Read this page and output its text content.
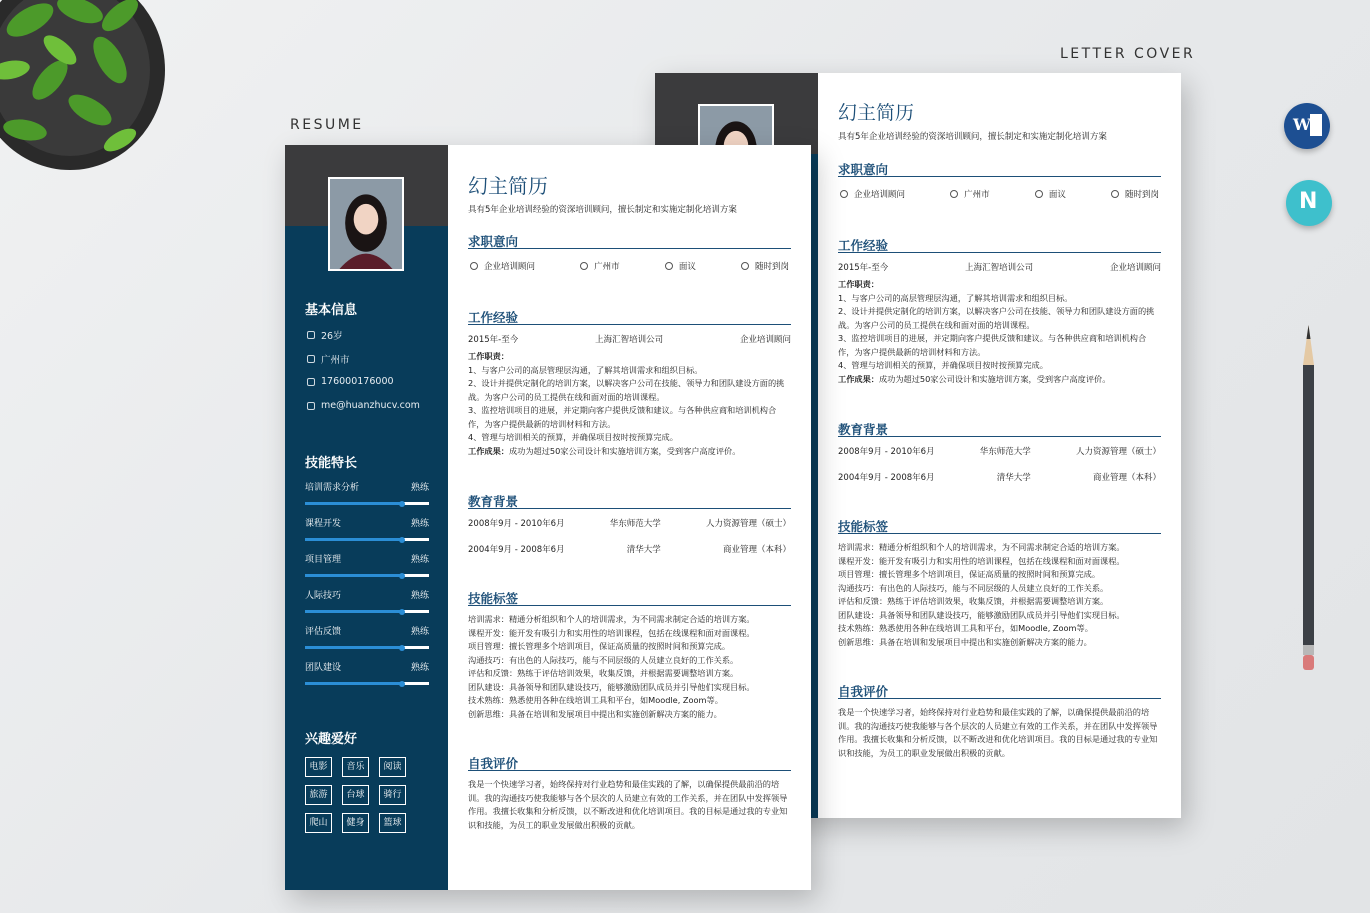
RESUME
LETTER COVER
幻主简历
具有5年企业培训经验的资深培训顾问，擅长制定和实施定制化培训方案
求职意向
企业培训顾问	广州市	面议	随时到岗
工作经验
2015年-至今	上海汇智培训公司	企业培训顾问

工作职责：

1、与客户公司的高层管理层沟通，了解其培训需求和组织目标。

2、设计并提供定制化的培训方案，以解决客户公司在技能、领导力和团队建设方面的挑战。为客户公司的员工提供在线和面对面的培训课程。

3、监控培训项目的进展，并定期向客户提供反馈和建议。与各种供应商和培训机构合作，为客户提供最新的培训材料和方法。

4、管理与培训相关的预算，并确保项目按时按预算完成。

工作成果：成功为超过50家公司设计和实施培训方案，受到客户高度评价。

教育背景
2008年9月 - 2010年6月	华东师范大学	人力资源管理（硕士）
2004年9月 - 2008年6月	清华大学	商业管理（本科）
技能标签

培训需求：精通分析组织和个人的培训需求，为不同需求制定合适的培训方案。

课程开发：能开发有吸引力和实用性的培训课程，包括在线课程和面对面课程。

项目管理：擅长管理多个培训项目，保证高质量的按照时间和预算完成。

沟通技巧：有出色的人际技巧，能与不同层级的人员建立良好的工作关系。

评估和反馈：熟练于评估培训效果，收集反馈，并根据需要调整培训方案。

团队建设：具备领导和团队建设技巧，能够激励团队成员并引导他们实现目标。

技术熟练：熟悉使用各种在线培训工具和平台，如Moodle, Zoom等。

创新思维：具备在培训和发展项目中提出和实施创新解决方案的能力。

自我评价
我是一个快速学习者，始终保持对行业趋势和最佳实践的了解，以确保提供最前沿的培训。我的沟通技巧使我能够与各个层次的人员建立有效的工作关系，并在团队中发挥领导作用。我擅长收集和分析反馈，以不断改进和优化培训项目。我的目标是通过我的专业知识和技能，为员工的职业发展做出积极的贡献。
基本信息
26岁
广州市
176000176000
me@huanzhucv.com
技能特长
培训需求分析	熟练
课程开发	熟练
项目管理	熟练
人际技巧	熟练
评估反馈	熟练
团队建设	熟练
兴趣爱好
电影	音乐	阅读
旅游	台球	骑行
爬山	健身	篮球
幻主简历
具有5年企业培训经验的资深培训顾问，擅长制定和实施定制化培训方案
求职意向
企业培训顾问	广州市	面议	随时到岗
工作经验
2015年-至今	上海汇智培训公司	企业培训顾问

工作职责：

1、与客户公司的高层管理层沟通，了解其培训需求和组织目标。

2、设计并提供定制化的培训方案，以解决客户公司在技能、领导力和团队建设方面的挑战。为客户公司的员工提供在线和面对面的培训课程。

3、监控培训项目的进展，并定期向客户提供反馈和建议。与各种供应商和培训机构合作，为客户提供最新的培训材料和方法。

4、管理与培训相关的预算，并确保项目按时按预算完成。

工作成果：成功为超过50家公司设计和实施培训方案，受到客户高度评价。

教育背景
2008年9月 - 2010年6月	华东师范大学	人力资源管理（硕士）
2004年9月 - 2008年6月	清华大学	商业管理（本科）
技能标签

培训需求：精通分析组织和个人的培训需求，为不同需求制定合适的培训方案。

课程开发：能开发有吸引力和实用性的培训课程，包括在线课程和面对面课程。

项目管理：擅长管理多个培训项目，保证高质量的按照时间和预算完成。

沟通技巧：有出色的人际技巧，能与不同层级的人员建立良好的工作关系。

评估和反馈：熟练于评估培训效果，收集反馈，并根据需要调整培训方案。

团队建设：具备领导和团队建设技巧，能够激励团队成员并引导他们实现目标。

技术熟练：熟悉使用各种在线培训工具和平台，如Moodle, Zoom等。

创新思维：具备在培训和发展项目中提出和实施创新解决方案的能力。

自我评价
我是一个快速学习者，始终保持对行业趋势和最佳实践的了解，以确保提供最前沿的培训。我的沟通技巧使我能够与各个层次的人员建立有效的工作关系，并在团队中发挥领导作用。我擅长收集和分析反馈，以不断改进和优化培训项目。我的目标是通过我的专业知识和技能，为员工的职业发展做出积极的贡献。
W
N
